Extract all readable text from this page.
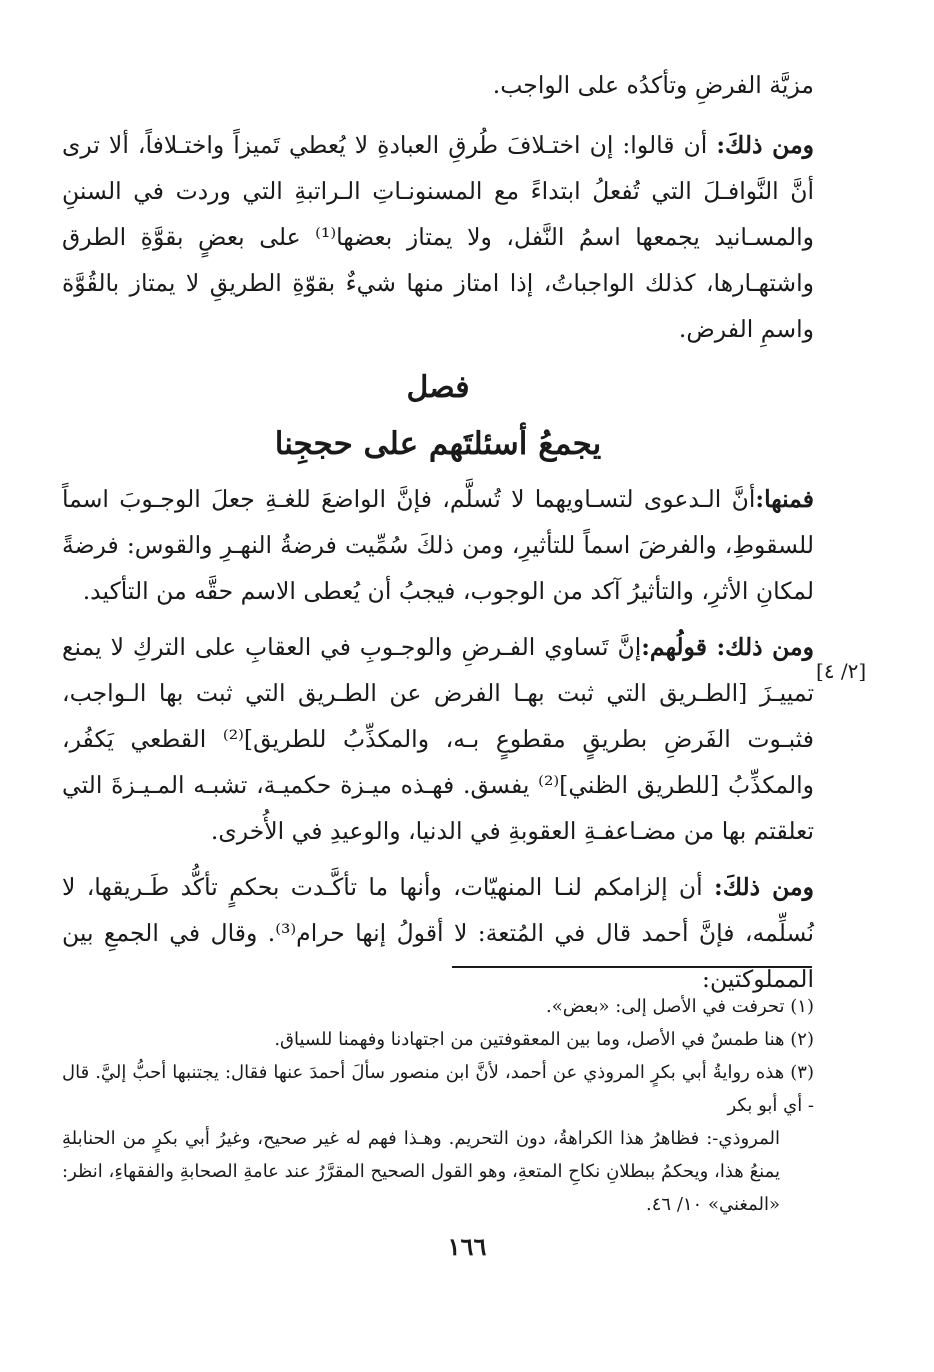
مزيَّة الفرضِ وتأكدُه على الواجب.

ومن ذلكَ: أن قالوا: إن اختـلافَ طُرقِ العبادةِ لا يُعطي تَميزاً واختـلافاً، ألا ترى أنَّ النَّوافـلَ التي تُفعلُ ابتداءً مع المسنونـاتِ الـراتبةِ التي وردت في السننِ والمسـانيد يجمعها اسمُ النَّفل، ولا يمتاز بعضها⁽¹⁾ على بعضٍ بقوَّةِ الطرق واشتهـارها، كذلك الواجباتُ، إذا امتاز منها شيءٌ بقوّةِ الطريقِ لا يمتاز بالقُوَّة واسمِ الفرض.

فصل
يجمعُ أسئلتَهم على حججِنا

فمنها:أنَّ الـدعوى لتسـاويهما لا تُسلَّم، فإنَّ الواضعَ للغـةِ جعلَ الوجـوبَ اسماً للسقوطِ، والفرضَ اسماً للتأثيرِ، ومن ذلكَ سُمِّيت فرضةُ النهـرِ والقوس: فرضةً لمكانِ الأثرِ، والتأثيرُ آكد من الوجوب، فيجبُ أن يُعطى الاسم حقَّه من التأكيد.

ومن ذلك: قولُهم:إنَّ تَساوي الفـرضِ والوجـوبِ في العقابِ على التركِ لا يمنع تمييـزَ [الطـريق التي ثبت بهـا الفرض عن الطـريق التي ثبت بها الـواجب، فثبـوت الفَرضِ بطريقٍ مقطوعٍ بـه، والمكذِّبُ للطريق]⁽²⁾ القطعي يَكفُر، والمكذِّبُ [للطريق الظني]⁽²⁾ يفسق. فهـذه ميـزة حكميـة، تشبـه المـيـزةَ التي تعلقتم بها من مضـاعفـةِ العقوبةِ في الدنيا، والوعيدِ في الأُخرى.

ومن ذلكَ: أن إلزامكم لنـا المنهيّات، وأنها ما تأكَّـدت بحكمٍ تأكُّد طَـريقها، لا نُسلِّمه، فإنَّ أحمد قال في المُتعة: لا أقولُ إنها حرام⁽³⁾. وقال في الجمعِ بين المملوكتين:

[٢/ ٤]

(١) تحرفت في الأصل إلى: «بعض».

(٢) هنا طمسٌ في الأصل، وما بين المعقوفتين من اجتهادنا وفهمنا للسياق.

(٣) هذه روايةُ أبي بكرٍ المروذي عن أحمد، لأنَّ ابن منصور سألَ أحمدَ عنها فقال: يجتنبها أحبُّ إليَّ. قال - أي أبو بكر

المروذي-: فظاهرُ هذا الكراهةُ، دون التحريم. وهـذا فهم له غير صحيح، وغيرُ أبي بكرٍ من الحنابلةِ يمنعُ هذا، ويحكمُ ببطلانِ نكاحِ المتعةِ، وهو القول الصحيح المقرَّرُ عند عامةِ الصحابةِ والفقهاءِ، انظر: «المغني» ١٠/ ٤٦.

١٦٦
